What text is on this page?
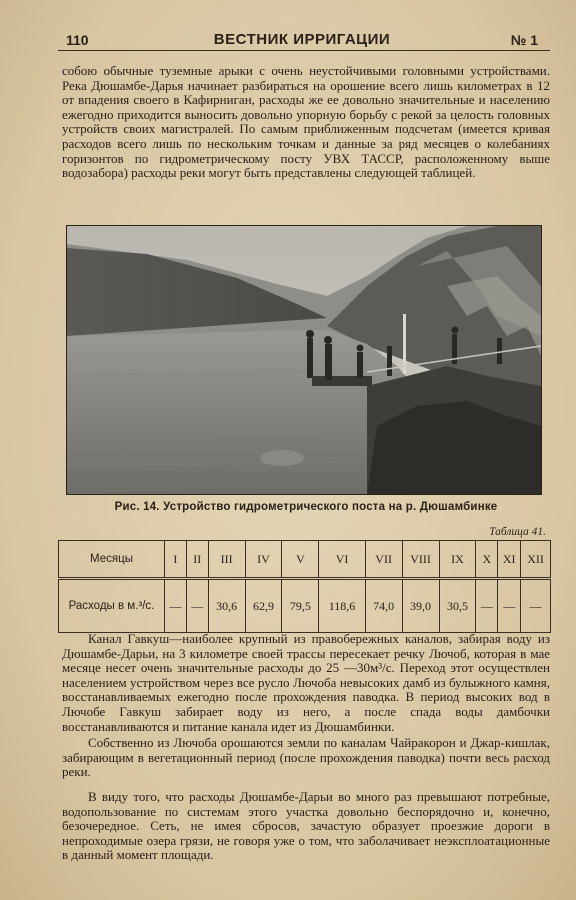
110	ВЕСТНИК ИРРИГАЦИИ	№ 1

собою обычные туземные арыки с очень неустойчивыми головными устройствами. Река Дюшамбе-Дарья начинает разбираться на орошение всего лишь километрах в 12 от впадения своего в Кафирниган, расходы же ее довольно значительные и населению ежегодно приходится выносить довольно упорную борьбу с рекой за целость головных устройств своих магистралей. По самым приближенным подсчетам (имеется кривая расходов всего лишь по нескольким точкам и данные за ряд месяцев о колебаниях горизонтов по гидрометрическому посту УВХ ТАССР, расположенному выше водозабора) расходы реки могут быть представлены следующей таблицей.

Рис. 14. Устройство гидрометрического поста на р. Дюшамбинке
Таблица 41.
Месяцы	I	II	III	IV	V	VI	VII	VIII	IX	X	XI	XII
Расходы в м.³/с.	—	—	30,6	62,9	79,5	118,6	74,0	39,0	30,5	—	—	—

Канал Гавкуш—наиболее крупный из правобережных каналов, забирая воду из Дюшамбе-Дарьи, на 3 километре своей трассы пересекает речку Лючоб, которая в мае месяце несет очень значительные расходы до 25 —30м³/с. Переход этот осуществлен населением устройством через все русло Лючоба невысоких дамб из булыжного камня, восстанавливаемых ежегодно после прохождения паводка. В период высоких вод в Лючобе Гавкуш забирает воду из него, а после спада воды дамбочки восстанавливаются и питание канала идет из Дюшамбинки.

Собственно из Лючоба орошаются земли по каналам Чайракорон и Джар-кишлак, забирающим в вегетационный период (после прохождения паводка) почти весь расход реки.

В виду того, что расходы Дюшамбе-Дарьи во много раз превышают потребные, водопользование по системам этого участка довольно беспорядочно и, конечно, безочередное. Сеть, не имея сбросов, зачастую образует проезжие дороги в непроходимые озера грязи, не говоря уже о том, что заболачивает неэксплоатационные в данный момент площади.
